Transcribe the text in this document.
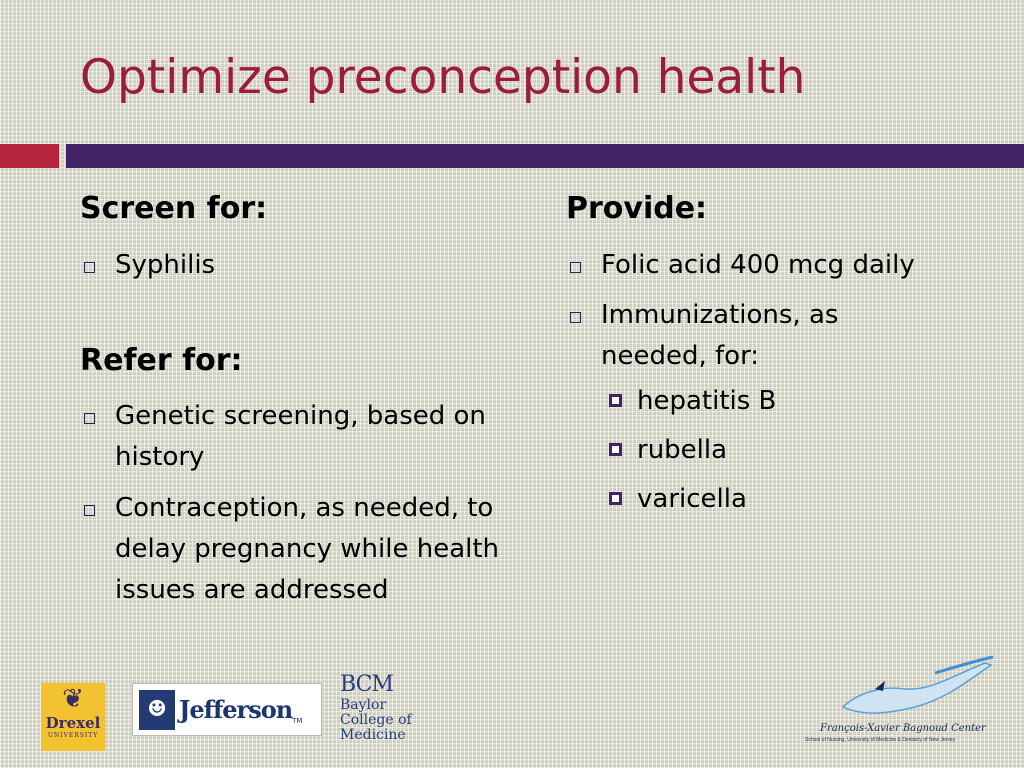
Optimize preconception health

Screen for:

Syphilis

Refer for:

Genetic screening, based on history
Contraception, as needed, to delay pregnancy while health issues are addressed

Provide:

Folic acid 400 mcg daily
Immunizations, as needed, for:
hepatitis B
rubella
varicella
❦
Drexel
UNIVERSITY
☻ Jefferson TM
BCM
Baylor
College of
Medicine	François-Xavier Bagnoud Center
School of Nursing, University of Medicine & Dentistry of New Jersey
